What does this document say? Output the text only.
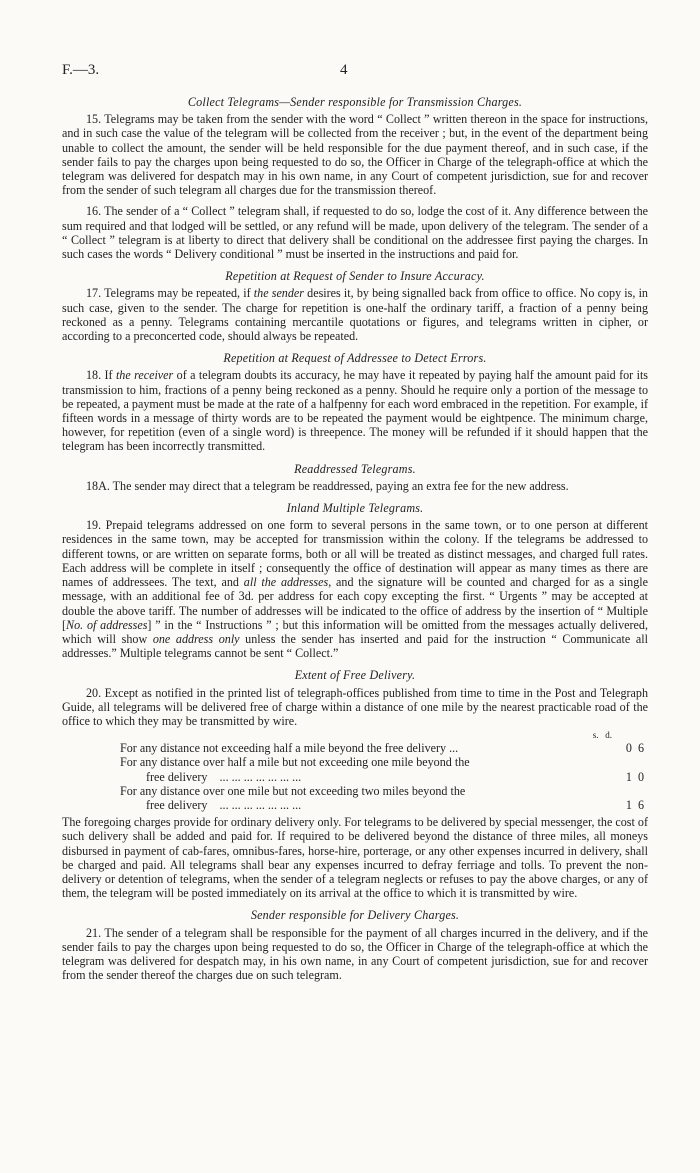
F.—3.	4
Collect Telegrams—Sender responsible for Transmission Charges.

15. Telegrams may be taken from the sender with the word “ Collect ” written thereon in the space for instructions, and in such case the value of the telegram will be collected from the receiver ; but, in the event of the department being unable to collect the amount, the sender will be held responsible for the due payment thereof, and in such case, if the sender fails to pay the charges upon being requested to do so, the Officer in Charge of the telegraph-office at which the telegram was delivered for despatch may in his own name, in any Court of competent jurisdiction, sue for and recover from the sender of such telegram all charges due for the transmission thereof.

16. The sender of a “ Collect ” telegram shall, if requested to do so, lodge the cost of it. Any difference between the sum required and that lodged will be settled, or any refund will be made, upon delivery of the telegram. The sender of a “ Collect ” telegram is at liberty to direct that delivery shall be conditional on the addressee first paying the charges. In such cases the words “ Delivery conditional ” must be inserted in the instructions and paid for.

Repetition at Request of Sender to Insure Accuracy.

17. Telegrams may be repeated, if the sender desires it, by being signalled back from office to office. No copy is, in such case, given to the sender. The charge for repetition is one-half the ordinary tariff, a fraction of a penny being reckoned as a penny. Telegrams containing mercantile quotations or figures, and telegrams written in cipher, or according to a preconcerted code, should always be repeated.

Repetition at Request of Addressee to Detect Errors.

18. If the receiver of a telegram doubts its accuracy, he may have it repeated by paying half the amount paid for its transmission to him, fractions of a penny being reckoned as a penny. Should he require only a portion of the message to be repeated, a payment must be made at the rate of a halfpenny for each word embraced in the repetition. For example, if fifteen words in a message of thirty words are to be repeated the payment would be eightpence. The minimum charge, however, for repetition (even of a single word) is threepence. The money will be refunded if it should happen that the telegram has been incorrectly transmitted.

Readdressed Telegrams.

18A. The sender may direct that a telegram be readdressed, paying an extra fee for the new address.

Inland Multiple Telegrams.

19. Prepaid telegrams addressed on one form to several persons in the same town, or to one person at different residences in the same town, may be accepted for transmission within the colony. If the telegrams be addressed to different towns, or are written on separate forms, both or all will be treated as distinct messages, and charged full rates. Each address will be complete in itself ; consequently the office of destination will appear as many times as there are names of addressees. The text, and all the addresses, and the signature will be counted and charged for as a single message, with an additional fee of 3d. per address for each copy excepting the first. “ Urgents ” may be accepted at double the above tariff. The number of addresses will be indicated to the office of address by the insertion of “ Multiple [No. of addresses] ” in the “ Instructions ” ; but this information will be omitted from the messages actually delivered, which will show one address only unless the sender has inserted and paid for the instruction “ Communicate all addresses.” Multiple telegrams cannot be sent “ Collect.”

Extent of Free Delivery.

20. Except as notified in the printed list of telegraph-offices published from time to time in the Post and Telegraph Guide, all telegrams will be delivered free of charge within a distance of one mile by the nearest practicable road of the office to which they may be transmitted by wire.

s. d.
For any distance not exceeding half a mile beyond the free delivery ...	0 6
For any distance over half a mile but not exceeding one mile beyond the
free delivery ... ... ... ... ... ... ...	1 0
For any distance over one mile but not exceeding two miles beyond the
free delivery ... ... ... ... ... ... ...	1 6

The foregoing charges provide for ordinary delivery only. For telegrams to be delivered by special messenger, the cost of such delivery shall be added and paid for. If required to be delivered beyond the distance of three miles, all moneys disbursed in payment of cab-fares, omnibus-fares, horse-hire, porterage, or any other expenses incurred in delivery, shall be charged and paid. All telegrams shall bear any expenses incurred to defray ferriage and tolls. To prevent the non-delivery or detention of telegrams, when the sender of a telegram neglects or refuses to pay the above charges, or any of them, the telegram will be posted immediately on its arrival at the office to which it is transmitted by wire.

Sender responsible for Delivery Charges.

21. The sender of a telegram shall be responsible for the payment of all charges incurred in the delivery, and if the sender fails to pay the charges upon being requested to do so, the Officer in Charge of the telegraph-office at which the telegram was delivered for despatch may, in his own name, in any Court of competent jurisdiction, sue for and recover from the sender thereof the charges due on such telegram.
